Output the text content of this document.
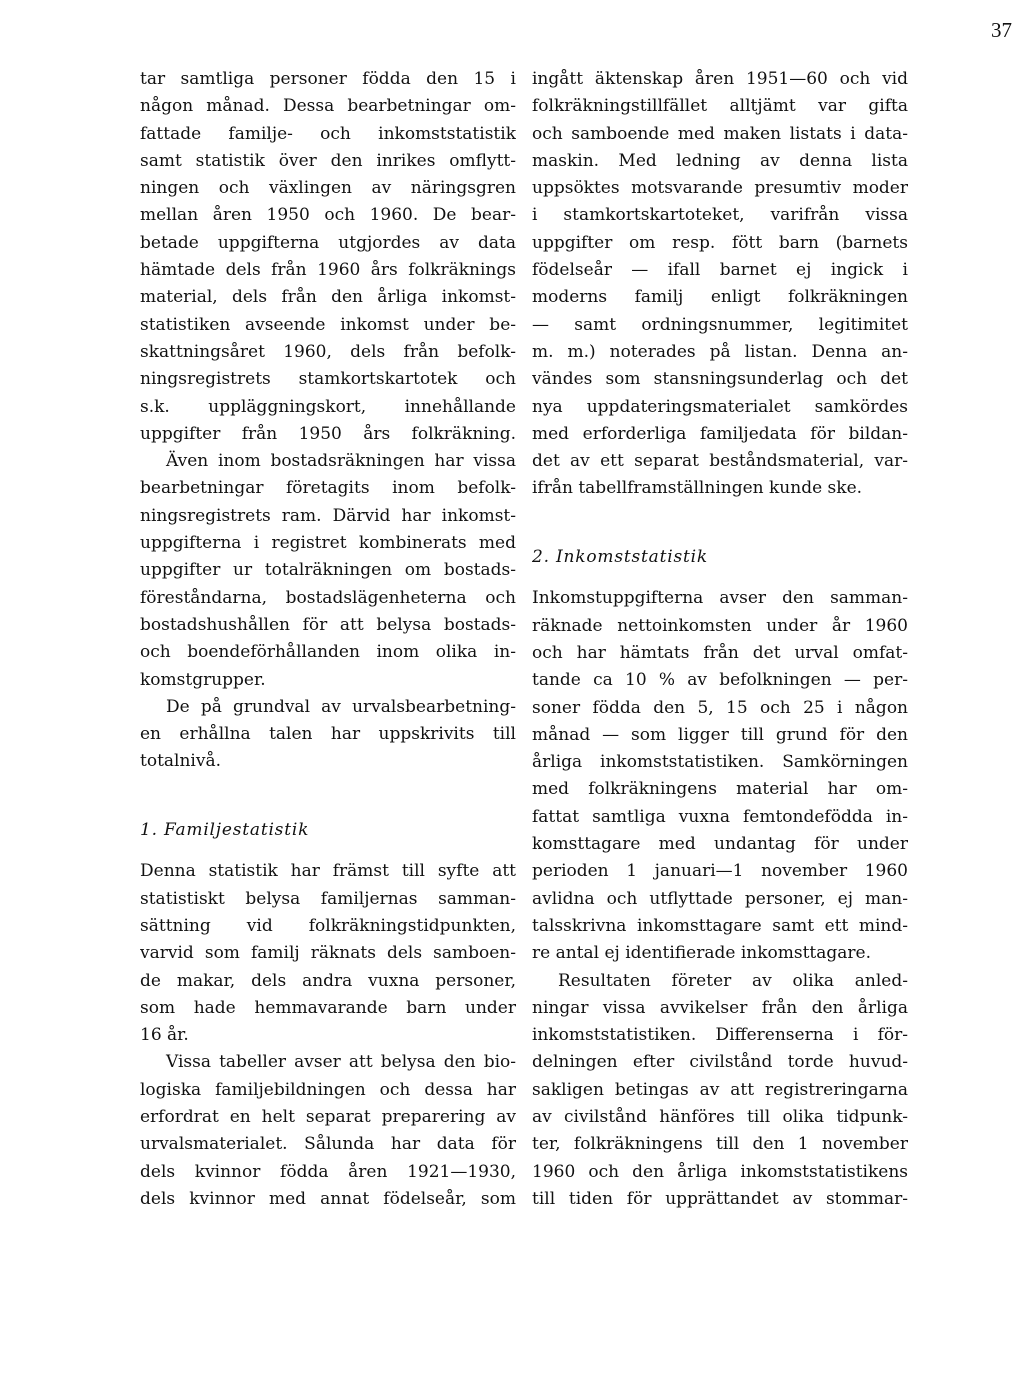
37
tar samtliga personer födda den 15 i
någon månad. Dessa bearbetningar om-
fattade familje- och inkomststatistik
samt statistik över den inrikes omflytt-
ningen och växlingen av näringsgren
mellan åren 1950 och 1960. De bear-
betade uppgifterna utgjordes av data
hämtade dels från 1960 års folkräknings
material, dels från den årliga inkomst-
statistiken avseende inkomst under be-
skattningsåret 1960, dels från befolk-
ningsregistrets stamkortskartotek och
s.k. uppläggningskort, innehållande
uppgifter från 1950 års folkräkning.
Även inom bostadsräkningen har vissa
bearbetningar företagits inom befolk-
ningsregistrets ram. Därvid har inkomst-
uppgifterna i registret kombinerats med
uppgifter ur totalräkningen om bostads-
föreståndarna, bostadslägenheterna och
bostadshushållen för att belysa bostads-
och boendeförhållanden inom olika in-
komstgrupper.
De på grundval av urvalsbearbetning-
en erhållna talen har uppskrivits till
totalnivå.
1. Familjestatistik
Denna statistik har främst till syfte att
statistiskt belysa familjernas samman-
sättning vid folkräkningstidpunkten,
varvid som familj räknats dels samboen-
de makar, dels andra vuxna personer,
som hade hemmavarande barn under
16 år.
Vissa tabeller avser att belysa den bio-
logiska familjebildningen och dessa har
erfordrat en helt separat preparering av
urvalsmaterialet. Sålunda har data för
dels kvinnor födda åren 1921—1930,
dels kvinnor med annat födelseår, som
ingått äktenskap åren 1951—60 och vid
folkräkningstillfället alltjämt var gifta
och samboende med maken listats i data-
maskin. Med ledning av denna lista
uppsöktes motsvarande presumtiv moder
i stamkortskartoteket, varifrån vissa
uppgifter om resp. fött barn (barnets
födelseår — ifall barnet ej ingick i
moderns familj enligt folkräkningen
— samt ordningsnummer, legitimitet
m. m.) noterades på listan. Denna an-
vändes som stansningsunderlag och det
nya uppdateringsmaterialet samkördes
med erforderliga familjedata för bildan-
det av ett separat beståndsmaterial, var-
ifrån tabellframställningen kunde ske.
2. Inkomststatistik
Inkomstuppgifterna avser den samman-
räknade nettoinkomsten under år 1960
och har hämtats från det urval omfat-
tande ca 10 % av befolkningen — per-
soner födda den 5, 15 och 25 i någon
månad — som ligger till grund för den
årliga inkomststatistiken. Samkörningen
med folkräkningens material har om-
fattat samtliga vuxna femtondefödda in-
komsttagare med undantag för under
perioden 1 januari—1 november 1960
avlidna och utflyttade personer, ej man-
talsskrivna inkomsttagare samt ett mind-
re antal ej identifierade inkomsttagare.
Resultaten företer av olika anled-
ningar vissa avvikelser från den årliga
inkomststatistiken. Differenserna i för-
delningen efter civilstånd torde huvud-
sakligen betingas av att registreringarna
av civilstånd hänföres till olika tidpunk-
ter, folkräkningens till den 1 november
1960 och den årliga inkomststatistikens
till tiden för upprättandet av stommar-
